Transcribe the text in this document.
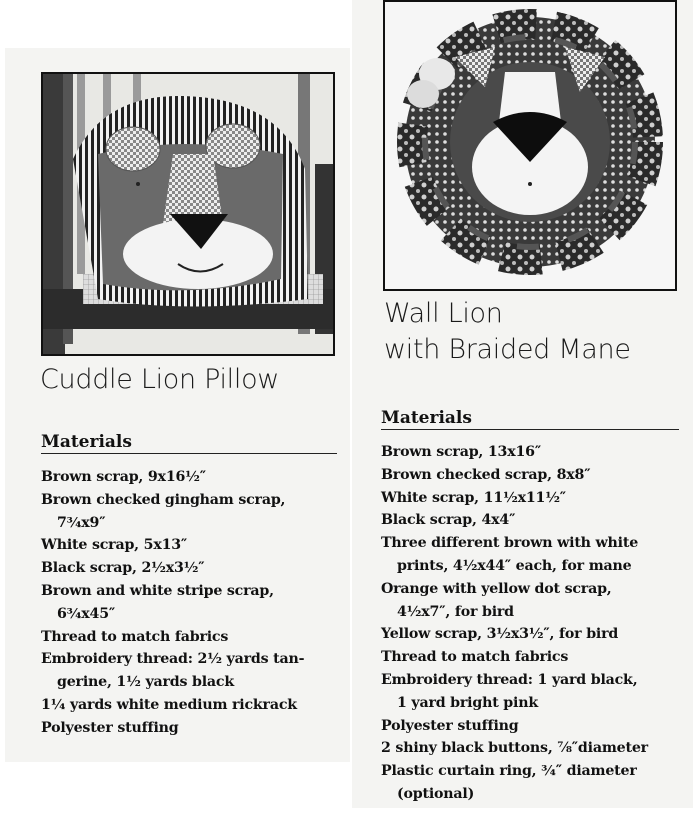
Cuddle Lion Pillow
Materials
Brown scrap, 9x16½″
Brown checked gingham scrap,
7¾x9″
White scrap, 5x13″
Black scrap, 2½x3½″
Brown and white stripe scrap,
6¾x45″
Thread to match fabrics
Embroidery thread: 2½ yards tan-
gerine, 1½ yards black
1¼ yards white medium rickrack
Polyester stuffing
Wall Lion
with Braided Mane
Materials
Brown scrap, 13x16″
Brown checked scrap, 8x8″
White scrap, 11½x11½″
Black scrap, 4x4″
Three different brown with white
prints, 4½x44″ each, for mane
Orange with yellow dot scrap,
4½x7″, for bird
Yellow scrap, 3½x3½″, for bird
Thread to match fabrics
Embroidery thread: 1 yard black,
1 yard bright pink
Polyester stuffing
2 shiny black buttons, ⅞″diameter
Plastic curtain ring, ¾″ diameter
(optional)
